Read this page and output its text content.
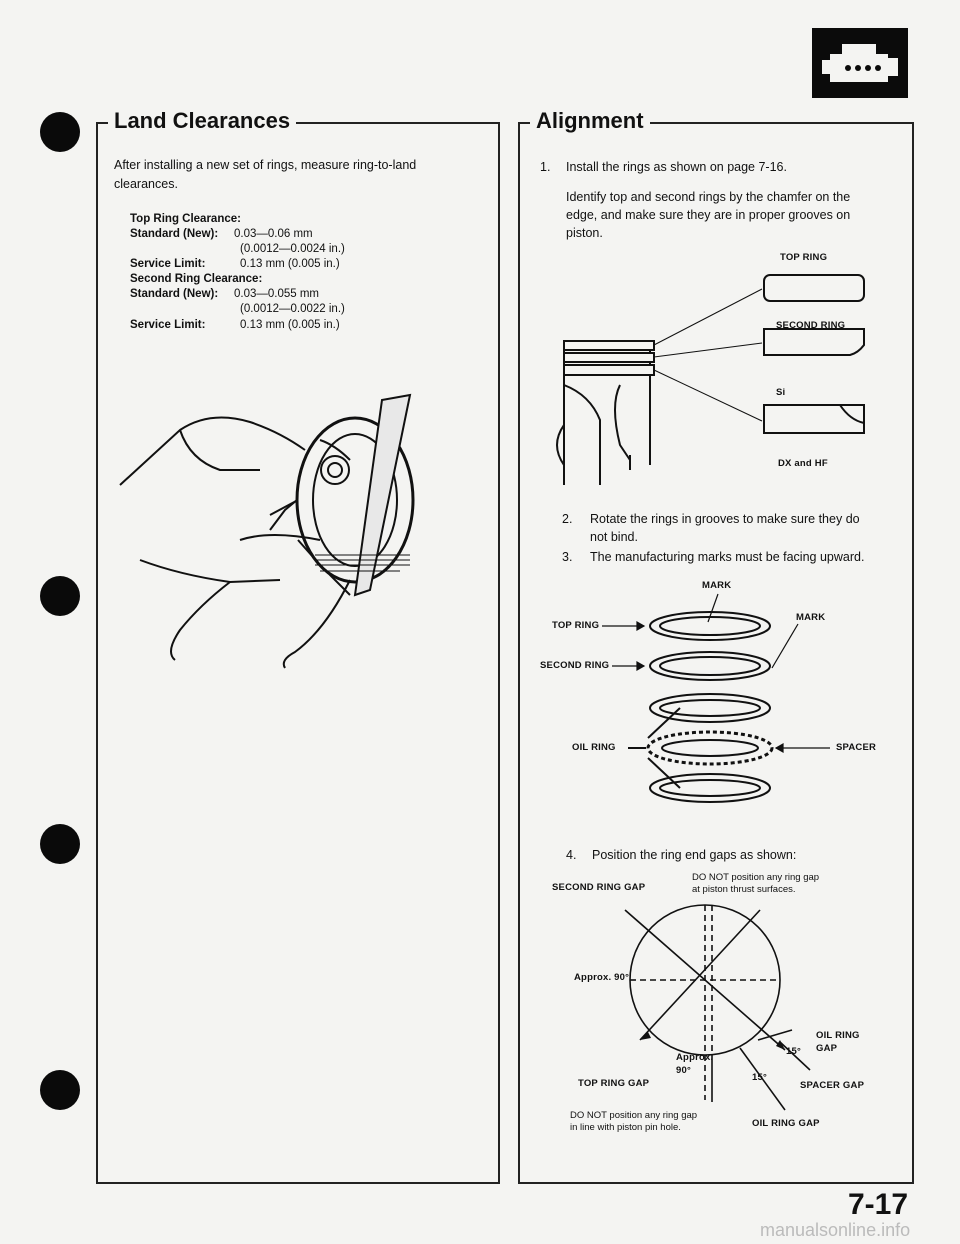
Land Clearances
After installing a new set of rings, measure ring-to-land
clearances.
Top Ring Clearance:
Standard (New): 0.03—0.06 mm
(0.0012—0.0024 in.)
Service Limit:	0.13 mm (0.005 in.)
Second Ring Clearance:
Standard (New): 0.03—0.055 mm
(0.0012—0.0022 in.)
Service Limit:	0.13 mm (0.005 in.)
Alignment
1. Install the rings as shown on page 7-16.
Identify top and second rings by the chamfer on the
edge, and make sure they are in proper grooves on
piston.
TOP RING
SECOND RING
Si
DX and HF
2. Rotate the rings in grooves to make sure they do
not bind.
3. The manufacturing marks must be facing upward.
MARK
MARK
TOP RING
SECOND RING
OIL RING	SPACER
4. Position the ring end gaps as shown:
SECOND RING GAP
DO NOT position any ring gap
at piston thrust surfaces.
Approx. 90°
OIL RING
GAP
15°
Approx.
90°
TOP RING GAP
15°
SPACER GAP
DO NOT position any ring gap
in line with piston pin hole.	OIL RING GAP
7-17
manualsonline.info
